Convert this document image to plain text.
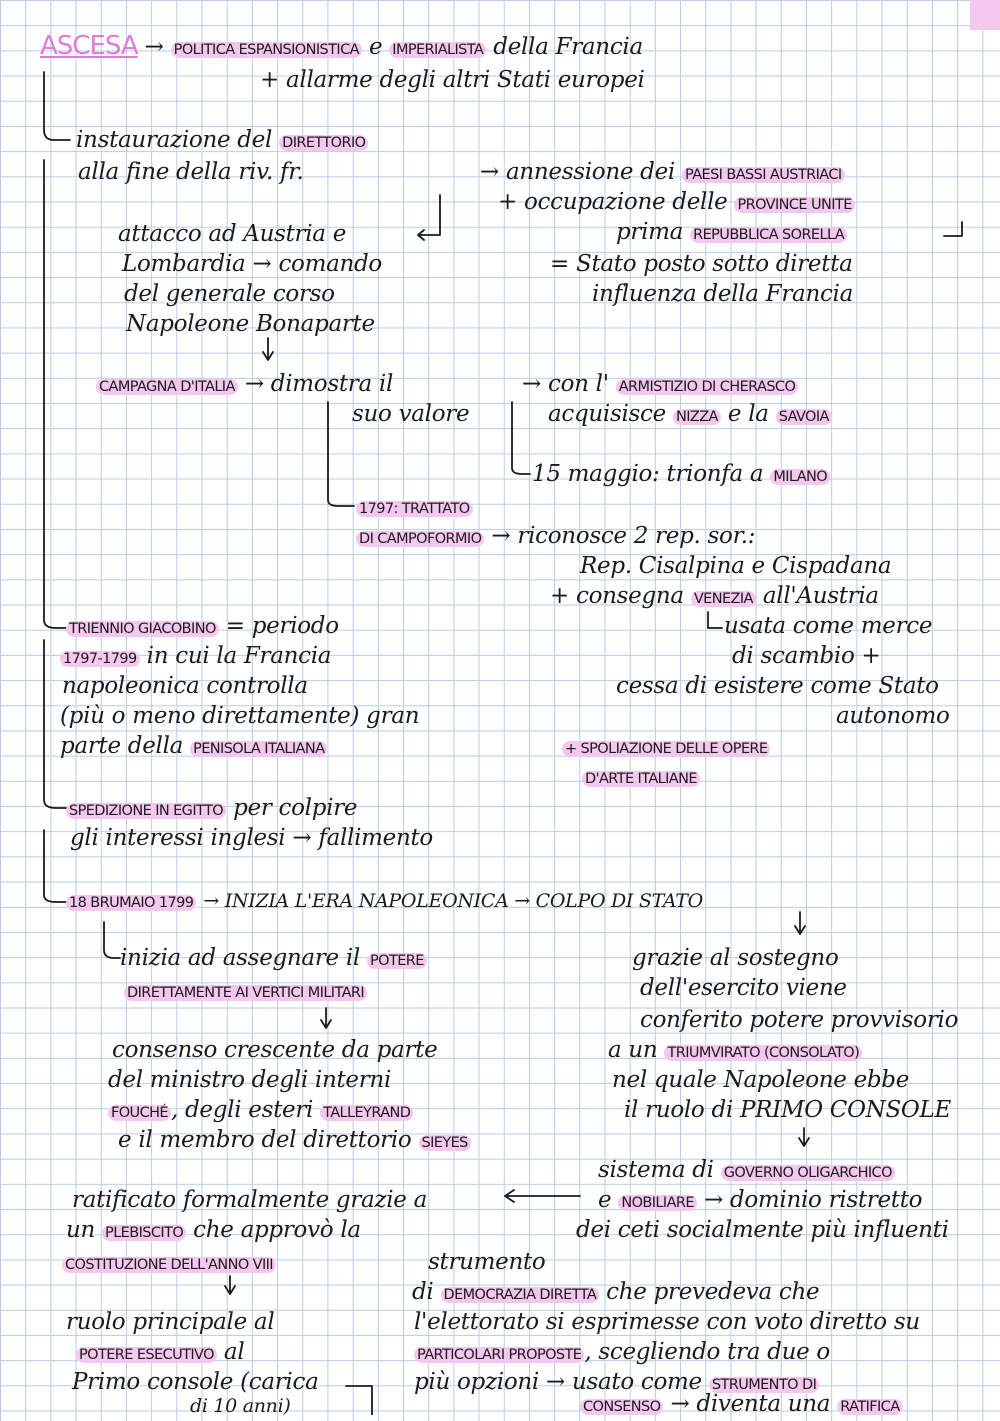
ASCESA → POLITICA ESPANSIONISTICA e IMPERIALISTA della Francia
+ allarme degli altri Stati europei
instaurazione del DIRETTORIO
alla fine della riv. fr.	→ annessione dei PAESI BASSI AUSTRIACI
+ occupazione delle PROVINCE UNITE
prima REPUBBLICA SORELLA
attacco ad Austria e
Lombardia → comando	= Stato posto sotto diretta
del generale corso	influenza della Francia
Napoleone Bonaparte
CAMPAGNA D'ITALIA → dimostra il
suo valore
→ con l' ARMISTIZIO DI CHERASCO
acquisisce NIZZA e la SAVOIA
15 maggio: trionfa a MILANO
1797: TRATTATO
DI CAMPOFORMIO → riconosce 2 rep. sor.:
Rep. Cisalpina e Cispadana
+ consegna VENEZIA all'Austria
usata come merce
di scambio +
cessa di esistere come Stato
autonomo
TRIENNIO GIACOBINO = periodo
1797-1799 in cui la Francia
napoleonica controlla
(più o meno direttamente) gran
parte della PENISOLA ITALIANA	+ SPOLIAZIONE DELLE OPERE
D'ARTE ITALIANE
SPEDIZIONE IN EGITTO per colpire
gli interessi inglesi → fallimento
18 BRUMAIO 1799 → INIZIA L'ERA NAPOLEONICA → COLPO DI STATO
inizia ad assegnare il POTERE
DIRETTAMENTE AI VERTICI MILITARI
grazie al sostegno
dell'esercito viene
conferito potere provvisorio
a un TRIUMVIRATO (CONSOLATO)
nel quale Napoleone ebbe
il ruolo di PRIMO CONSOLE
consenso crescente da parte
del ministro degli interni
FOUCHÉ , degli esteri TALLEYRAND
e il membro del direttorio SIEYES
sistema di GOVERNO OLIGARCHICO
e NOBILIARE → dominio ristretto
dei ceti socialmente più influenti
ratificato formalmente grazie a
un PLEBISCITO che approvò la
COSTITUZIONE DELL'ANNO VIII	strumento
di DEMOCRAZIA DIRETTA che prevedeva che
l'elettorato si esprimesse con voto diretto su
PARTICOLARI PROPOSTE , scegliendo tra due o
più opzioni → usato come STRUMENTO DI
CONSENSO → diventa una RATIFICA
ruolo principale al
POTERE ESECUTIVO al
Primo console (carica
di 10 anni)
